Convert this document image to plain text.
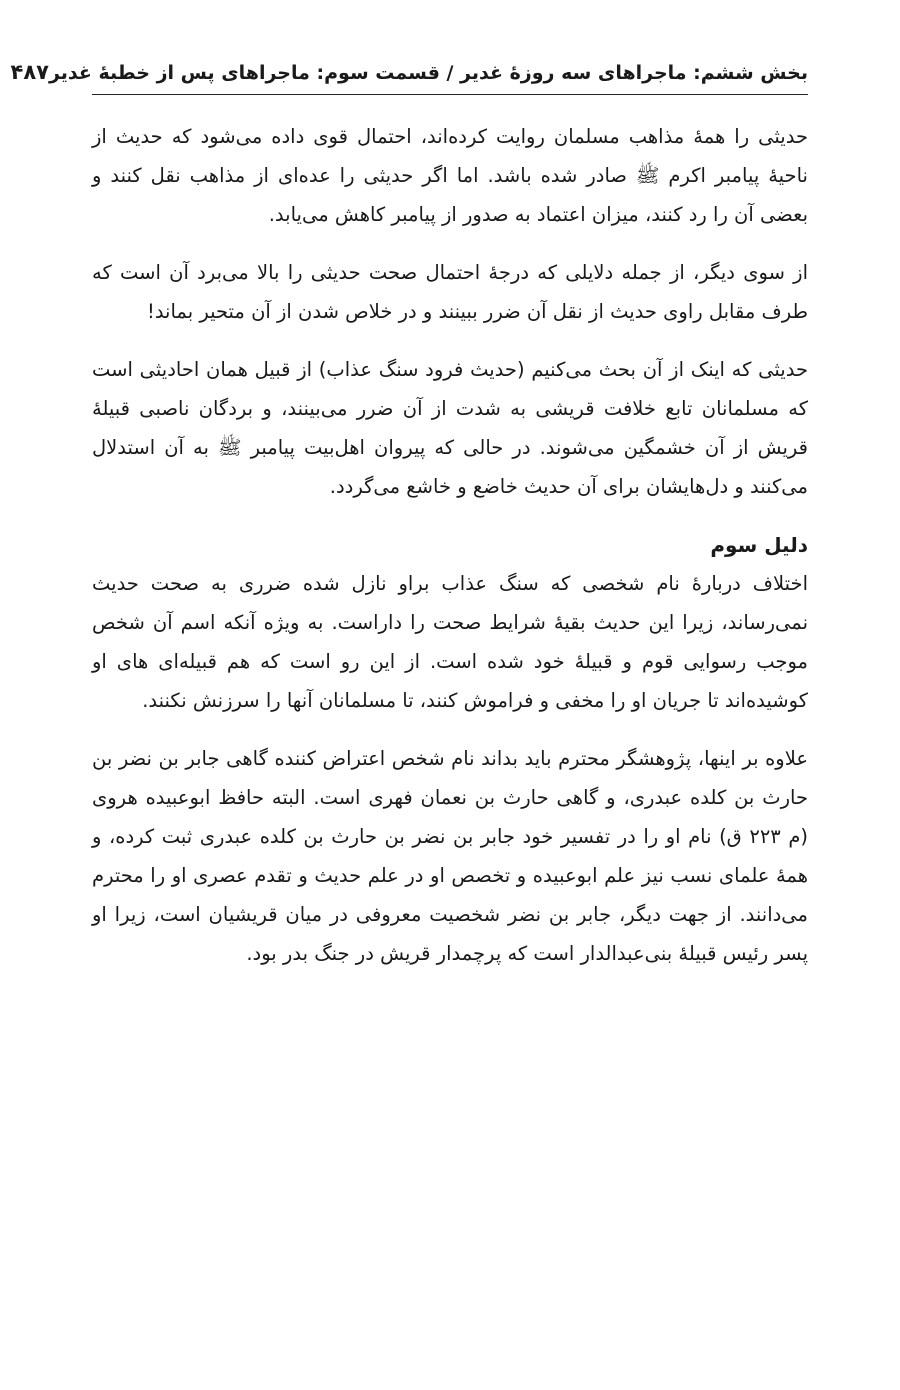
بخش ششم: ماجراهای سه روزهٔ غدیر / قسمت سوم: ماجراهای پس از خطبهٔ غدیر
۴۸۷

حدیثی را همهٔ مذاهب مسلمان روایت کرده‌اند، احتمال قوی داده می‌شود که حدیث از ناحیهٔ پیامبر اکرم ﷺ صادر شده باشد. اما اگر حدیثی را عده‌ای از مذاهب نقل کنند و بعضی آن را رد کنند، میزان اعتماد به صدور از پیامبر کاهش می‌یابد.

از سوی دیگر، از جمله دلایلی که درجهٔ احتمال صحت حدیثی را بالا می‌برد آن است که طرف مقابل راوی حدیث از نقل آن ضرر ببینند و در خلاص شدن از آن متحیر بماند!

حدیثی که اینک از آن بحث می‌کنیم (حدیث فرود سنگ عذاب) از قبیل همان احادیثی است که مسلمانان تابع خلافت قریشی به شدت از آن ضرر می‌بینند، و بردگان ناصبی قبیلهٔ قریش از آن خشمگین می‌شوند. در حالی که پیروان اهل‌بیت پیامبر ﷺ به آن استدلال می‌کنند و دل‌هایشان برای آن حدیث خاضع و خاشع می‌گردد.

دلیل سوم

اختلاف دربارهٔ نام شخصی که سنگ عذاب براو نازل شده ضرری به صحت حدیث نمی‌رساند، زیرا این حدیث بقیهٔ شرایط صحت را داراست. به ویژه آنکه اسم آن شخص موجب رسوایی قوم و قبیلهٔ خود شده است. از این رو است که هم قبیله‌ای های او کوشیده‌اند تا جریان او را مخفی و فراموش کنند، تا مسلمانان آنها را سرزنش نکنند.

علاوه بر اینها، پژوهشگر محترم باید بداند نام شخص اعتراض کننده گاهی جابر بن نضر بن حارث بن کلده عبدری، و گاهی حارث بن نعمان فهری است. البته حافظ ابوعبیده هروی (م ۲۲۳ ق) نام او را در تفسیر خود جابر بن نضر بن حارث بن کلده عبدری ثبت کرده، و همهٔ علمای نسب نیز علم ابوعبیده و تخصص او در علم حدیث و تقدم عصری او را محترم می‌دانند. از جهت دیگر، جابر بن نضر شخصیت معروفی در میان قریشیان است، زیرا او پسر رئیس قبیلهٔ بنی‌عبدالدار است که پرچمدار قریش در جنگ بدر بود.
